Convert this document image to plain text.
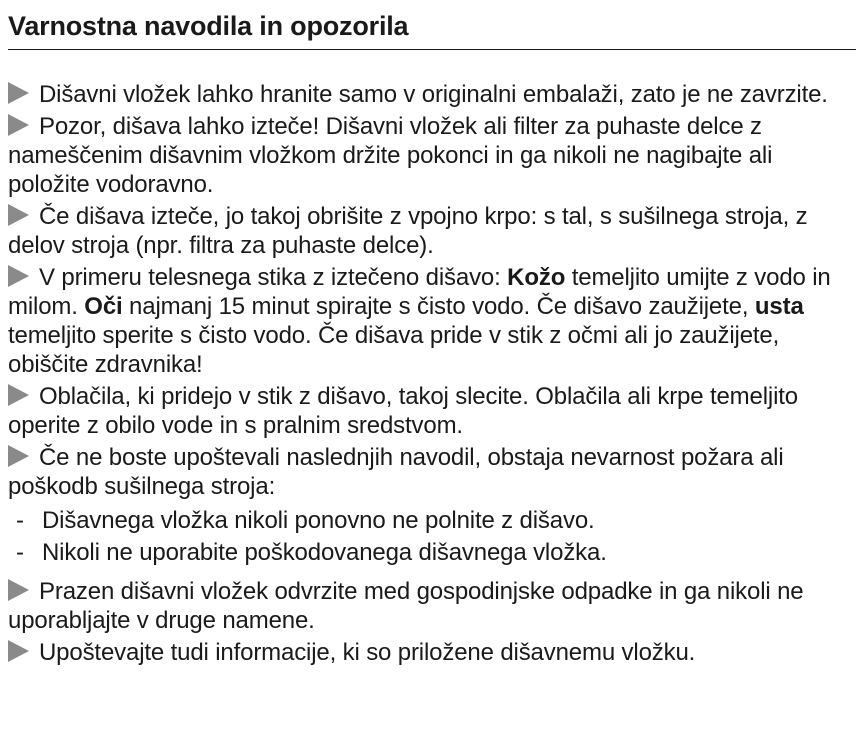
Varnostna navodila in opozorila

Dišavni vložek lahko hranite samo v originalni embalaži, zato je ne zavrzite.

Pozor, dišava lahko izteče! Dišavni vložek ali filter za puhaste delce z nameščenim dišavnim vložkom držite pokonci in ga nikoli ne nagibajte ali položite vodoravno.

Če dišava izteče, jo takoj obrišite z vpojno krpo: s tal, s sušilnega stroja, z delov stroja (npr. filtra za puhaste delce).

V primeru telesnega stika z iztečeno dišavo: Kožo temeljito umijte z vodo in milom. Oči najmanj 15 minut spirajte s čisto vodo. Če dišavo zaužijete, usta temeljito sperite s čisto vodo. Če dišava pride v stik z očmi ali jo zaužijete, obiščite zdravnika!

Oblačila, ki pridejo v stik z dišavo, takoj slecite. Oblačila ali krpe temeljito operite z obilo vode in s pralnim sredstvom.

Če ne boste upoštevali naslednjih navodil, obstaja nevarnost požara ali poškodb sušilnega stroja:

- Dišavnega vložka nikoli ponovno ne polnite z dišavo.
- Nikoli ne uporabite poškodovanega dišavnega vložka.

Prazen dišavni vložek odvrzite med gospodinjske odpadke in ga nikoli ne uporabljajte v druge namene.

Upoštevajte tudi informacije, ki so priložene dišavnemu vložku.
